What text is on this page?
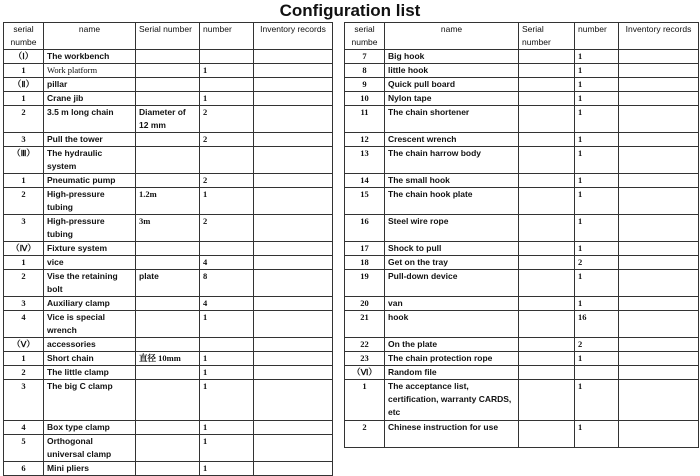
Configuration list
serial numbe	name	Serial number	number	Inventory records
（Ⅰ）	The workbench			
1	Work platform		1	
（Ⅱ）	pillar			
1	Crane jib		1	
2	3.5 m long chain	Diameter of 12 mm	2	
3	Pull the tower		2	
（Ⅲ）	The hydraulic system			
1	Pneumatic pump		2	
2	High-pressure tubing	1.2m	1	
3	High-pressure tubing	3m	2	
（Ⅳ）	Fixture system			
1	vice		4	
2	Vise the retaining bolt	plate	8	
3	Auxiliary clamp		4	
4	Vice is special wrench		1	
（Ⅴ）	accessories			
1	Short chain	直径 10mm	1	
2	The little clamp		1	
3	The big C clamp		1	
4	Box type clamp		1	
5	Orthogonal universal clamp		1	
6	Mini pliers		1	
serial numbe	name	Serial number	number	Inventory records
7	Big hook		1	
8	little hook		1	
9	Quick pull board		1	
10	Nylon tape		1	
11	The chain shortener		1	
12	Crescent wrench		1	
13	The chain harrow body		1	
14	The small hook		1	
15	The chain hook plate		1	
16	Steel wire rope		1	
17	Shock to pull		1	
18	Get on the tray		2	
19	Pull-down device		1	
20	van		1	
21	hook		16	
22	On the plate		2	
23	The chain protection rope		1	
（Ⅵ）	Random file			
1	The acceptance list, certification, warranty CARDS, etc		1	
2	Chinese instruction for use		1	
